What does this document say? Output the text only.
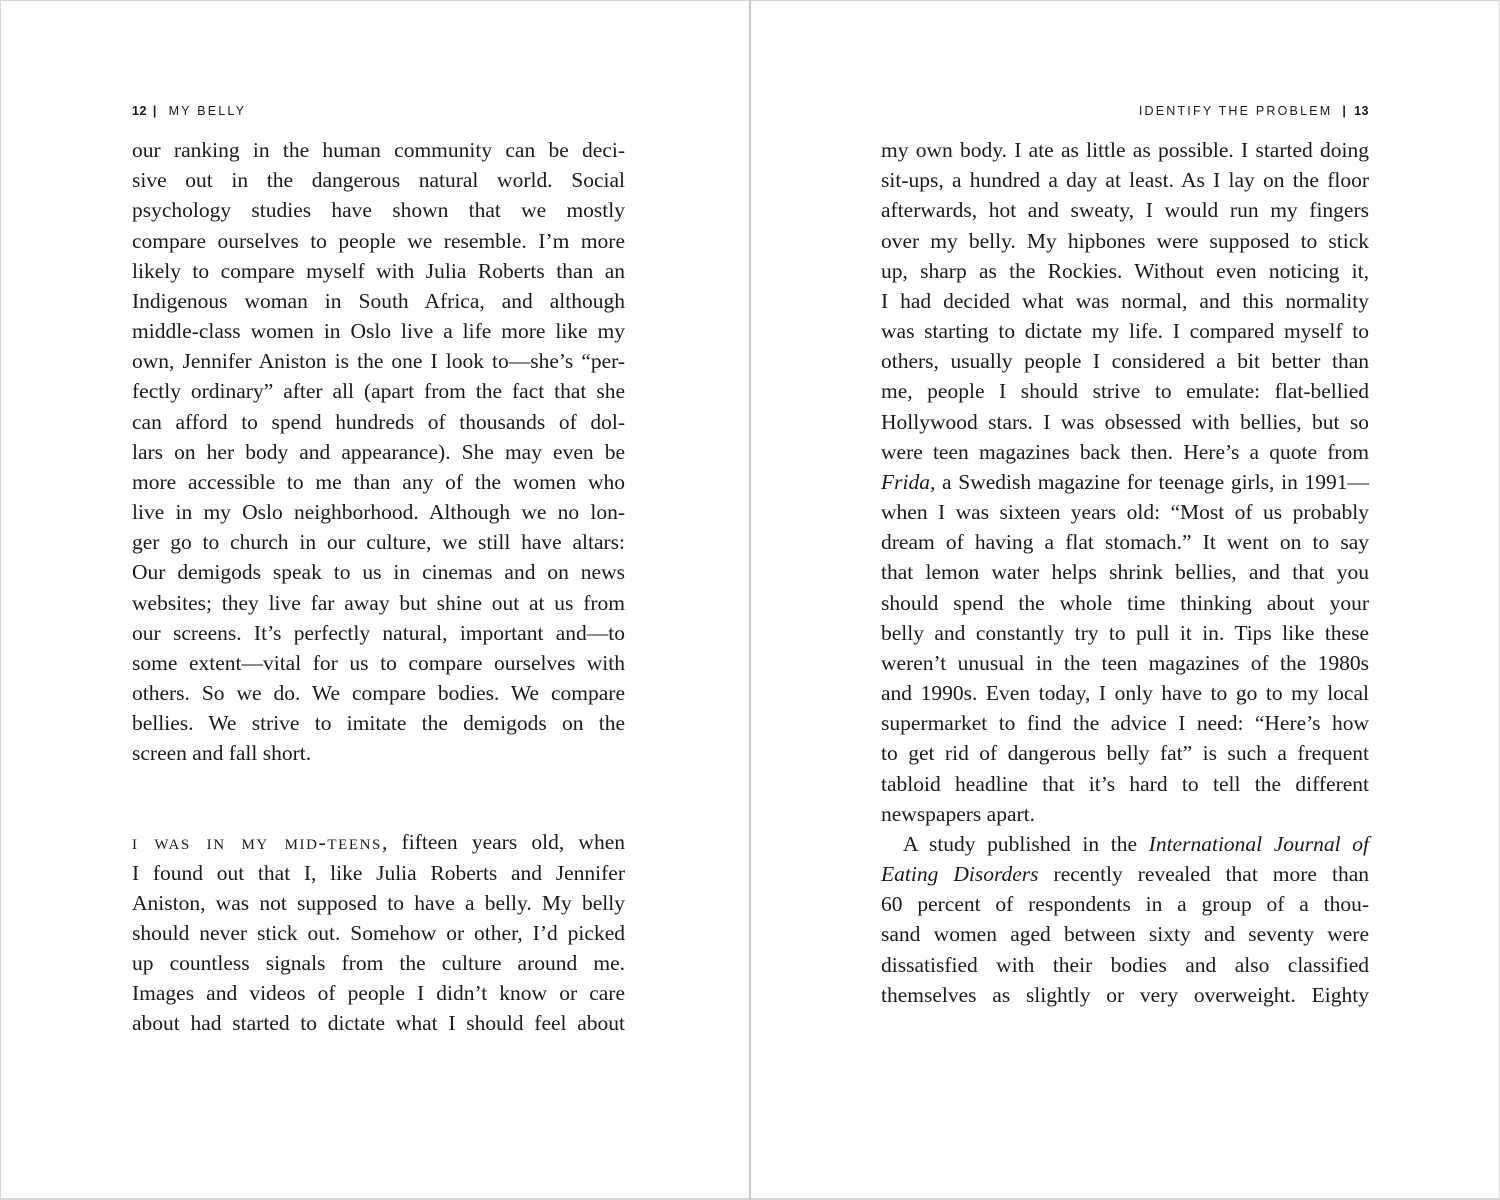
12 | MY BELLY
our ranking in the human community can be deci-
sive out in the dangerous natural world. Social
psychology studies have shown that we mostly
compare ourselves to people we resemble. I’m more
likely to compare myself with Julia Roberts than an
Indigenous woman in South Africa, and although
middle-class women in Oslo live a life more like my
own, Jennifer Aniston is the one I look to—she’s “per-
fectly ordinary” after all (apart from the fact that she
can afford to spend hundreds of thousands of dol-
lars on her body and appearance). She may even be
more accessible to me than any of the women who
live in my Oslo neighborhood. Although we no lon-
ger go to church in our culture, we still have altars:
Our demigods speak to us in cinemas and on news
websites; they live far away but shine out at us from
our screens. It’s perfectly natural, important and—to
some extent—vital for us to compare ourselves with
others. So we do. We compare bodies. We compare
bellies. We strive to imitate the demigods on the
screen and fall short.
i was in my mid-teens, fifteen years old, when
I found out that I, like Julia Roberts and Jennifer
Aniston, was not supposed to have a belly. My belly
should never stick out. Somehow or other, I’d picked
up countless signals from the culture around me.
Images and videos of people I didn’t know or care
about had started to dictate what I should feel about
IDENTIFY THE PROBLEM | 13
my own body. I ate as little as possible. I started doing
sit-ups, a hundred a day at least. As I lay on the floor
afterwards, hot and sweaty, I would run my fingers
over my belly. My hipbones were supposed to stick
up, sharp as the Rockies. Without even noticing it,
I had decided what was normal, and this normality
was starting to dictate my life. I compared myself to
others, usually people I considered a bit better than
me, people I should strive to emulate: flat-bellied
Hollywood stars. I was obsessed with bellies, but so
were teen magazines back then. Here’s a quote from
Frida, a Swedish magazine for teenage girls, in 1991—
when I was sixteen years old: “Most of us probably
dream of having a flat stomach.” It went on to say
that lemon water helps shrink bellies, and that you
should spend the whole time thinking about your
belly and constantly try to pull it in. Tips like these
weren’t unusual in the teen magazines of the 1980s
and 1990s. Even today, I only have to go to my local
supermarket to find the advice I need: “Here’s how
to get rid of dangerous belly fat” is such a frequent
tabloid headline that it’s hard to tell the different
newspapers apart.
A study published in the International Journal of
Eating Disorders recently revealed that more than
60 percent of respondents in a group of a thou-
sand women aged between sixty and seventy were
dissatisfied with their bodies and also classified
themselves as slightly or very overweight. Eighty
